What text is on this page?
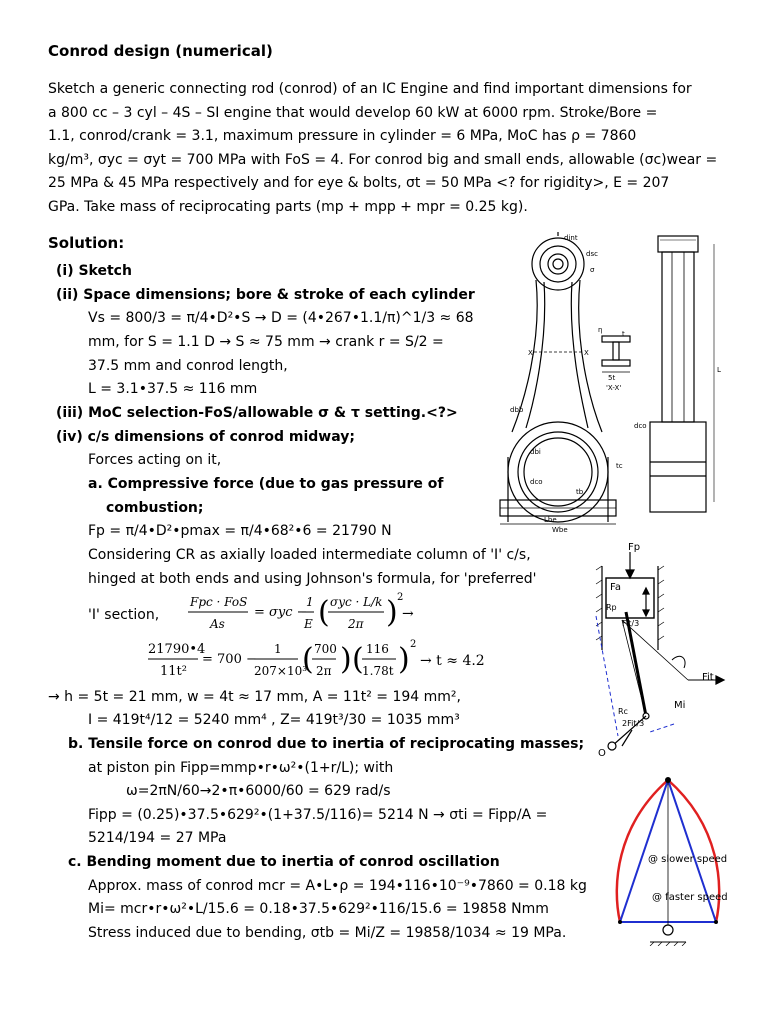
Conrod design (numerical)
Sketch a generic connecting rod (conrod) of an IC Engine and find important dimensions for
a 800 cc – 3 cyl – 4S – SI engine that would develop 60 kW at 6000 rpm. Stroke/Bore =
1.1, conrod/crank = 3.1, maximum pressure in cylinder = 6 MPa, MoC has ρ = 7860
kg/m³, σyc = σyt = 700 MPa with FoS = 4. For conrod big and small ends, allowable (σc)wear =
25 MPa & 45 MPa respectively and for eye & bolts, σt = 50 MPa <? for rigidity>, E = 207
GPa. Take mass of reciprocating parts (mp + mpp + mpr = 0.25 kg).
Solution:
(i) Sketch
(ii) Space dimensions; bore & stroke of each cylinder
Vs = 800/3 = π/4•D²•S → D = (4•267•1.1/π)^1/3 ≈ 68
mm, for S = 1.1 D → S ≈ 75 mm → crank r = S/2 =
37.5 mm and conrod length,
L = 3.1•37.5 ≈ 116 mm
(iii) MoC selection-FoS/allowable σ & τ setting.<?>
(iv) c/s dimensions of conrod midway;
Forces acting on it,
a. Compressive force (due to gas pressure of
combustion;
Fp = π/4•D²•pmax = π/4•68²•6 = 21790 N
Considering CR as axially loaded intermediate column of 'I' c/s,
hinged at both ends and using Johnson's formula, for 'preferred'
'I' section,
→ h = 5t = 21 mm, w = 4t ≈ 17 mm, A = 11t² = 194 mm²,
I = 419t⁴/12 = 5240 mm⁴ , Z= 419t³/30 = 1035 mm³
b. Tensile force on conrod due to inertia of reciprocating masses;
at piston pin Fipp=mmp•r•ω²•(1+r/L); with
ω=2πN/60→2•π•6000/60 = 629 rad/s
Fipp = (0.25)•37.5•629²•(1+37.5/116)= 5214 N → σti = Fipp/A =
5214/194 = 27 MPa
c. Bending moment due to inertia of conrod oscillation
Approx. mass of conrod mcr = A•L•ρ = 194•116•10⁻⁹•7860 = 0.18 kg
Mi= mcr•r•ω²•L/15.6 = 0.18•37.5•629²•116/15.6 = 19858 Nmm
Stress induced due to bending, σtb = Mi/Z = 19858/1034 ≈ 19 MPa.
Fpc · FoS
As
= σyc −
1
E ( σyc · L/k
2π ) 2
→
21790•4
11t²
= 700 −
1
207×10³
( 700
2π ) ( 116
1.78t ) 2
→ t ≈ 4.2
dint
dsc
σ
X	X
η	t
5t
'X-X'
dbb
dbi
dco
tb
tc
Lbe
Wbe
dco
L
Fp
Fa
Rp
Fit/3
Fit
Mi
Rc
2Fit/3
O
@ slower speed
@ faster speed
